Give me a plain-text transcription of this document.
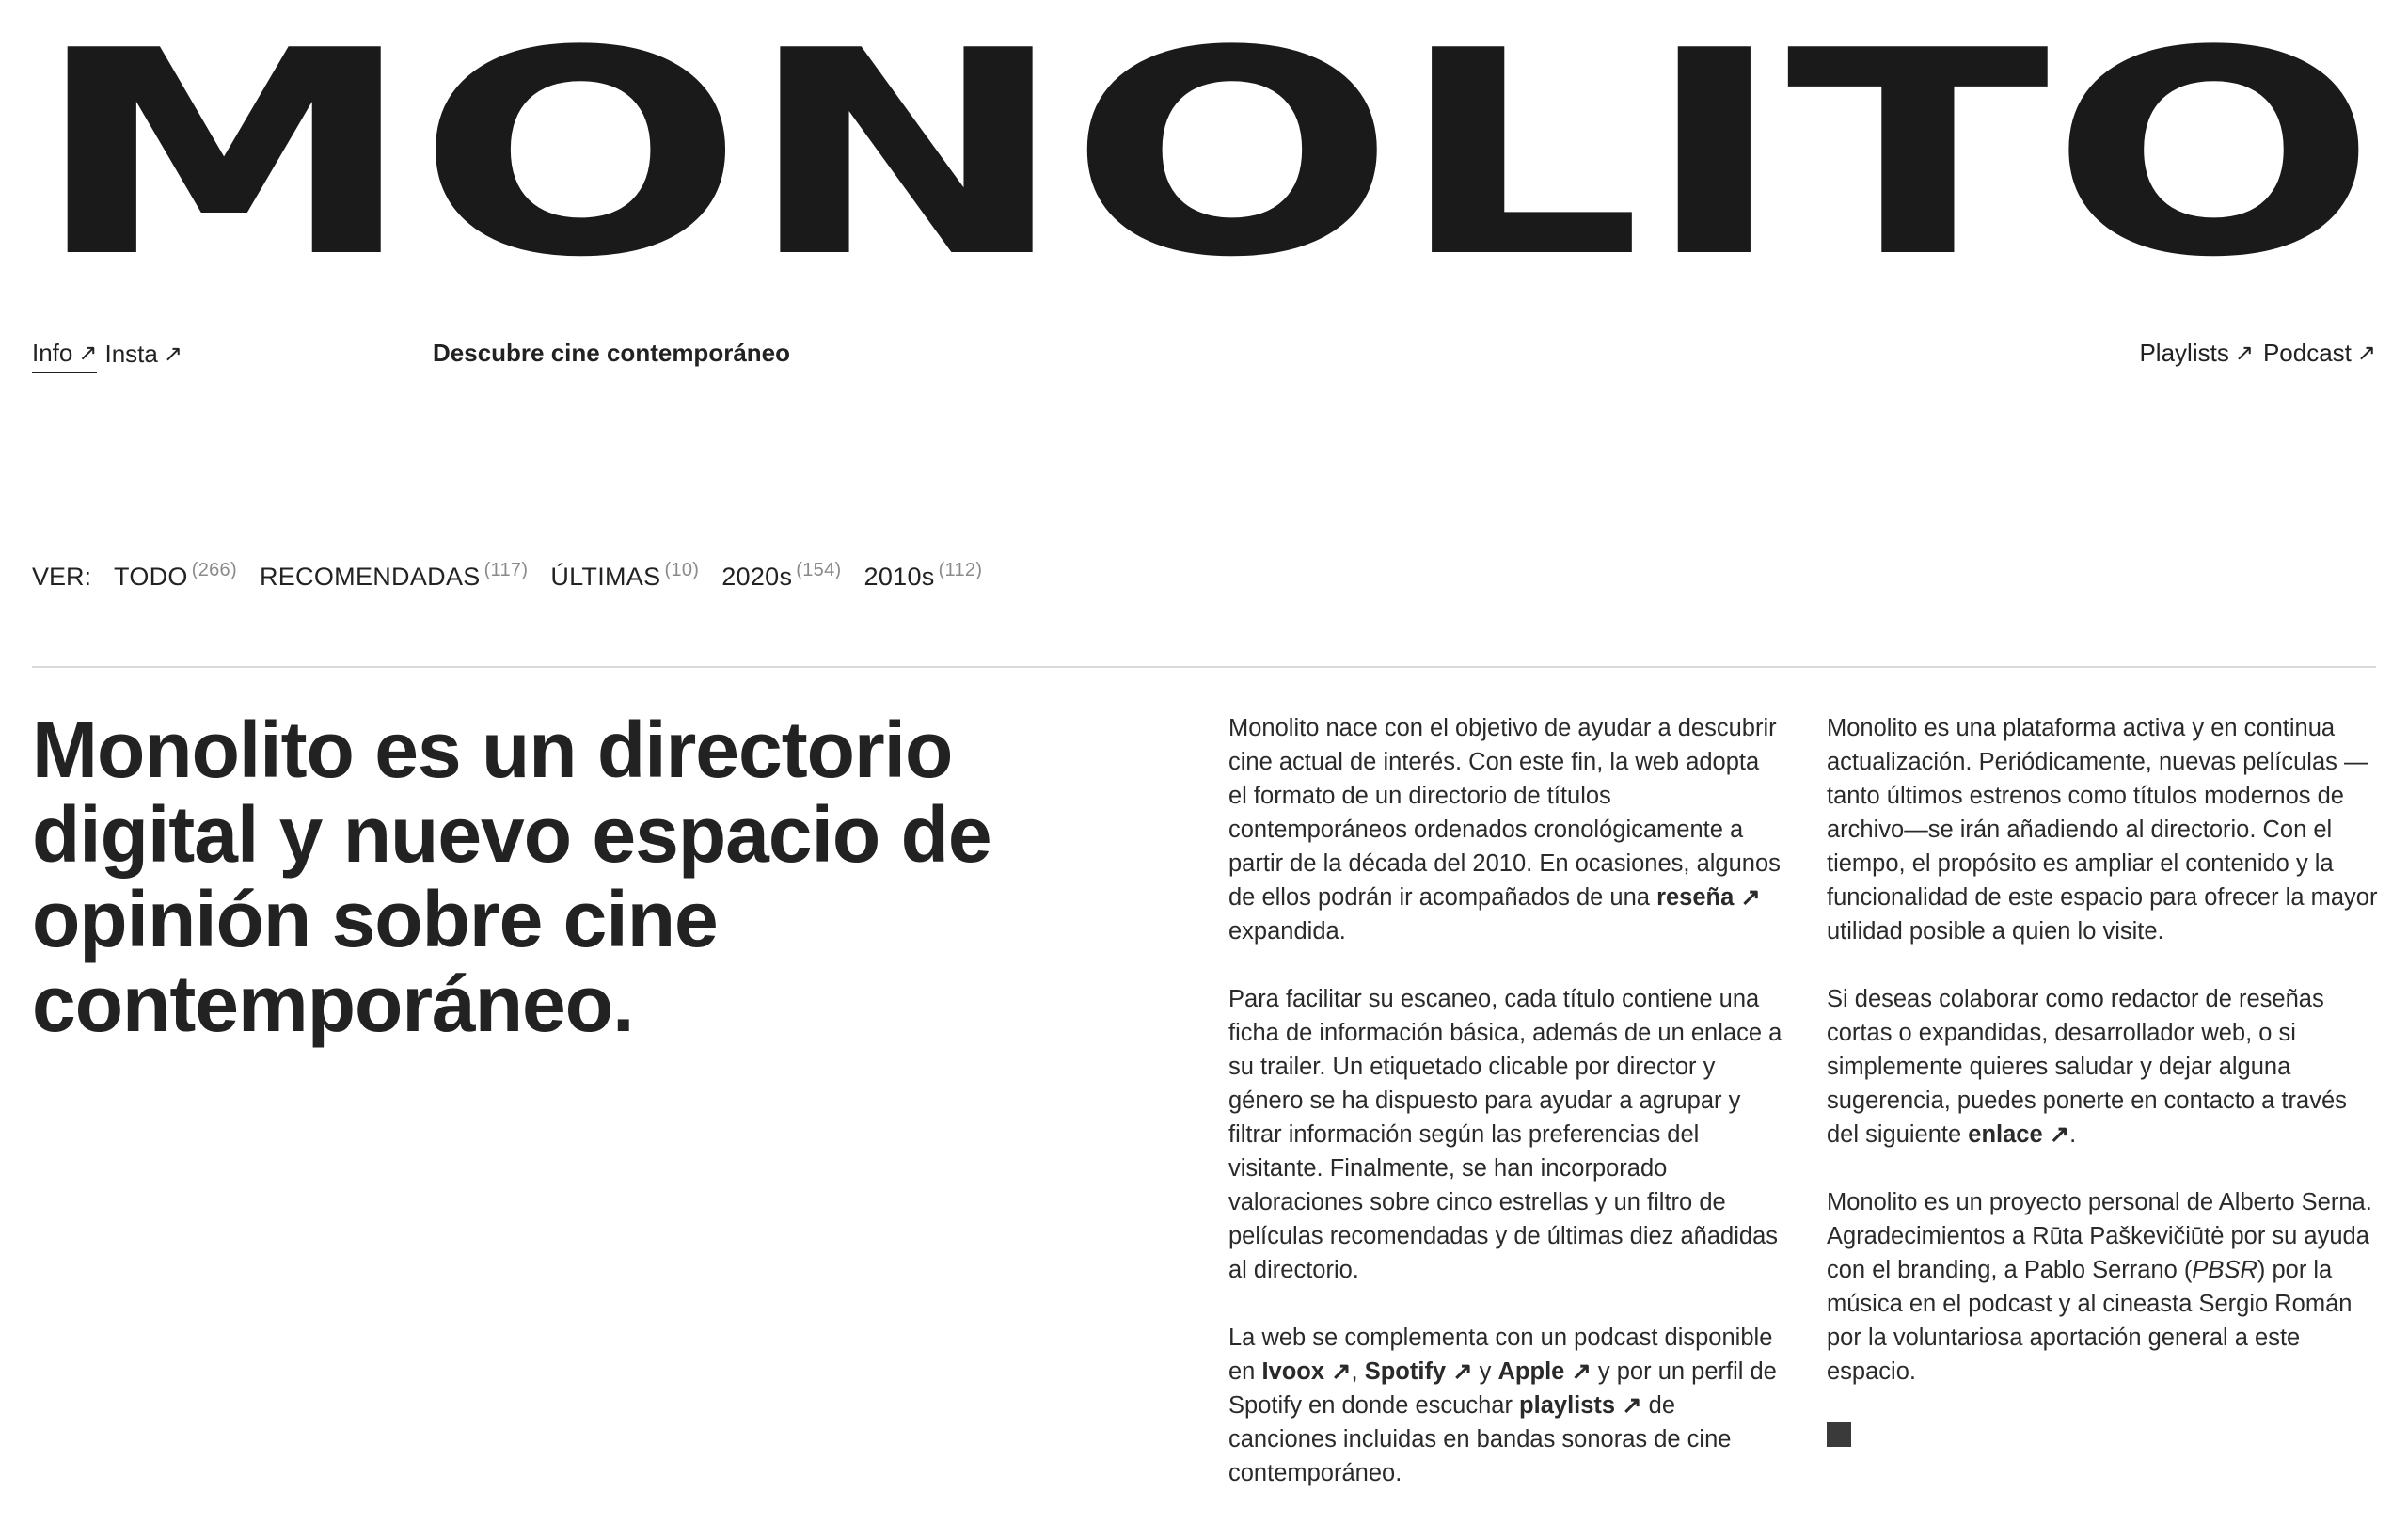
MONOLITO
Info ↗ Insta ↗	Descubre cine contemporáneo	Playlists ↗ Podcast ↗
VER: TODO (266) RECOMENDADAS (117) ÚLTIMAS (10) 2020s (154) 2010s (112)
Monolito es un directorio digital y nuevo espacio de opinión sobre cine contemporáneo.

Monolito nace con el objetivo de ayudar a descubrir cine actual de interés. Con este fin, la web adopta el formato de un directorio de títulos contemporáneos ordenados cronológicamente a partir de la década del 2010. En ocasiones, algunos de ellos podrán ir acompañados de una reseña ↗ expandida.

Para facilitar su escaneo, cada título contiene una ficha de información básica, además de un enlace a su trailer. Un etiquetado clicable por director y género se ha dispuesto para ayudar a agrupar y filtrar información según las preferencias del visitante. Finalmente, se han incorporado valoraciones sobre cinco estrellas y un filtro de películas recomendadas y de últimas diez añadidas al directorio.

La web se complementa con un podcast disponible en Ivoox ↗, Spotify ↗ y Apple ↗ y por un perfil de Spotify en donde escuchar playlists ↗ de canciones incluidas en bandas sonoras de cine contemporáneo.

Monolito es una plataforma activa y en continua actualización. Periódicamente, nuevas películas —tanto últimos estrenos como títulos modernos de archivo—se irán añadiendo al directorio. Con el tiempo, el propósito es ampliar el contenido y la funcionalidad de este espacio para ofrecer la mayor utilidad posible a quien lo visite.

Si deseas colaborar como redactor de reseñas cortas o expandidas, desarrollador web, o si simplemente quieres saludar y dejar alguna sugerencia, puedes ponerte en contacto a través del siguiente enlace ↗.

Monolito es un proyecto personal de Alberto Serna. Agradecimientos a Rūta Paškevičiūtė por su ayuda con el branding, a Pablo Serrano (PBSR) por la música en el podcast y al cineasta Sergio Román por la voluntariosa aportación general a este espacio.
